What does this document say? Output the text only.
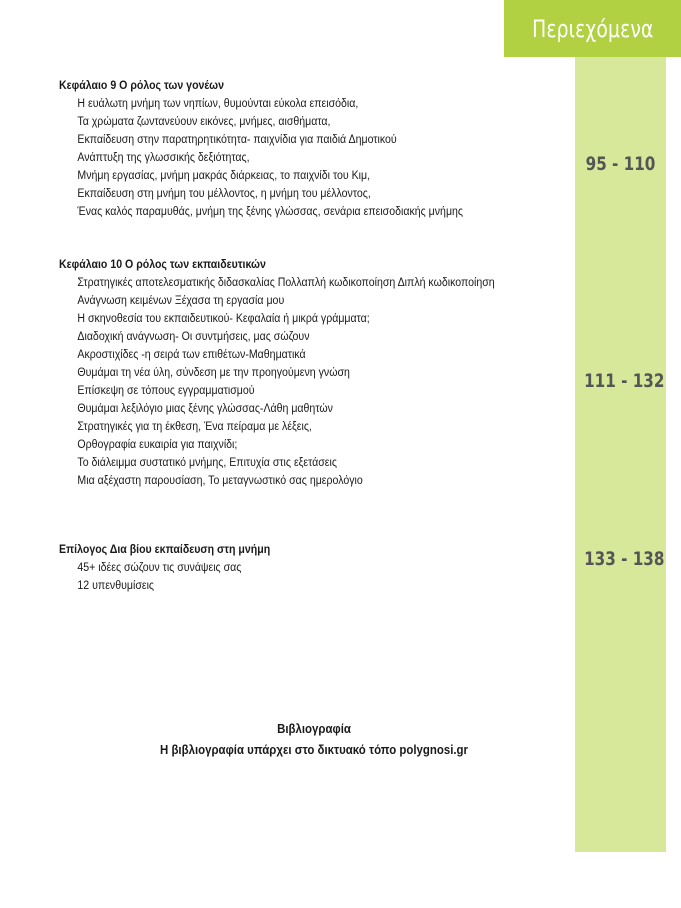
Περιεχόμενα
95 - 110
111 - 132
133 - 138
Κεφάλαιο 9 Ο ρόλος των γονέων
Η ευάλωτη μνήμη των νηπίων, θυμούνται εύκολα επεισόδια,
Τα χρώματα ζωντανεύουν εικόνες, μνήμες, αισθήματα,
Εκπαίδευση στην παρατηρητικότητα- παιχνίδια για παιδιά Δημοτικού
Ανάπτυξη της γλωσσικής δεξιότητας,
Μνήμη εργασίας, μνήμη μακράς διάρκειας, το παιχνίδι του Κιμ,
Εκπαίδευση στη μνήμη του μέλλοντος, η μνήμη του μέλλοντος,
Ένας καλός παραμυθάς, μνήμη της ξένης γλώσσας, σενάρια επεισοδιακής μνήμης
Κεφάλαιο 10 Ο ρόλος των εκπαιδευτικών
Στρατηγικές αποτελεσματικής διδασκαλίας Πολλαπλή κωδικοποίηση Διπλή κωδικοποίηση
Ανάγνωση κειμένων Ξέχασα τη εργασία μου
Η σκηνοθεσία του εκπαιδευτικού- Κεφαλαία ή μικρά γράμματα;
Διαδοχική ανάγνωση- Οι συντμήσεις, μας σώζουν
Ακροστιχίδες -η σειρά των επιθέτων-Μαθηματικά
Θυμάμαι τη νέα ύλη, σύνδεση με την προηγούμενη γνώση
Επίσκεψη σε τόπους εγγραμματισμού
Θυμάμαι λεξιλόγιο μιας ξένης γλώσσας-Λάθη μαθητών
Στρατηγικές για τη έκθεση, Ένα πείραμα με λέξεις,
Ορθογραφία ευκαιρία για παιχνίδι;
Το διάλειμμα συστατικό μνήμης, Επιτυχία στις εξετάσεις
Μια αξέχαστη παρουσίαση, Το μεταγνωστικό σας ημερολόγιο
Επίλογος Δια βίου εκπαίδευση στη μνήμη
45+ ιδέες σώζουν τις συνάψεις σας
12 υπενθυμίσεις
Βιβλιογραφία
Η βιβλιογραφία υπάρχει στο δικτυακό τόπο polygnosi.gr
